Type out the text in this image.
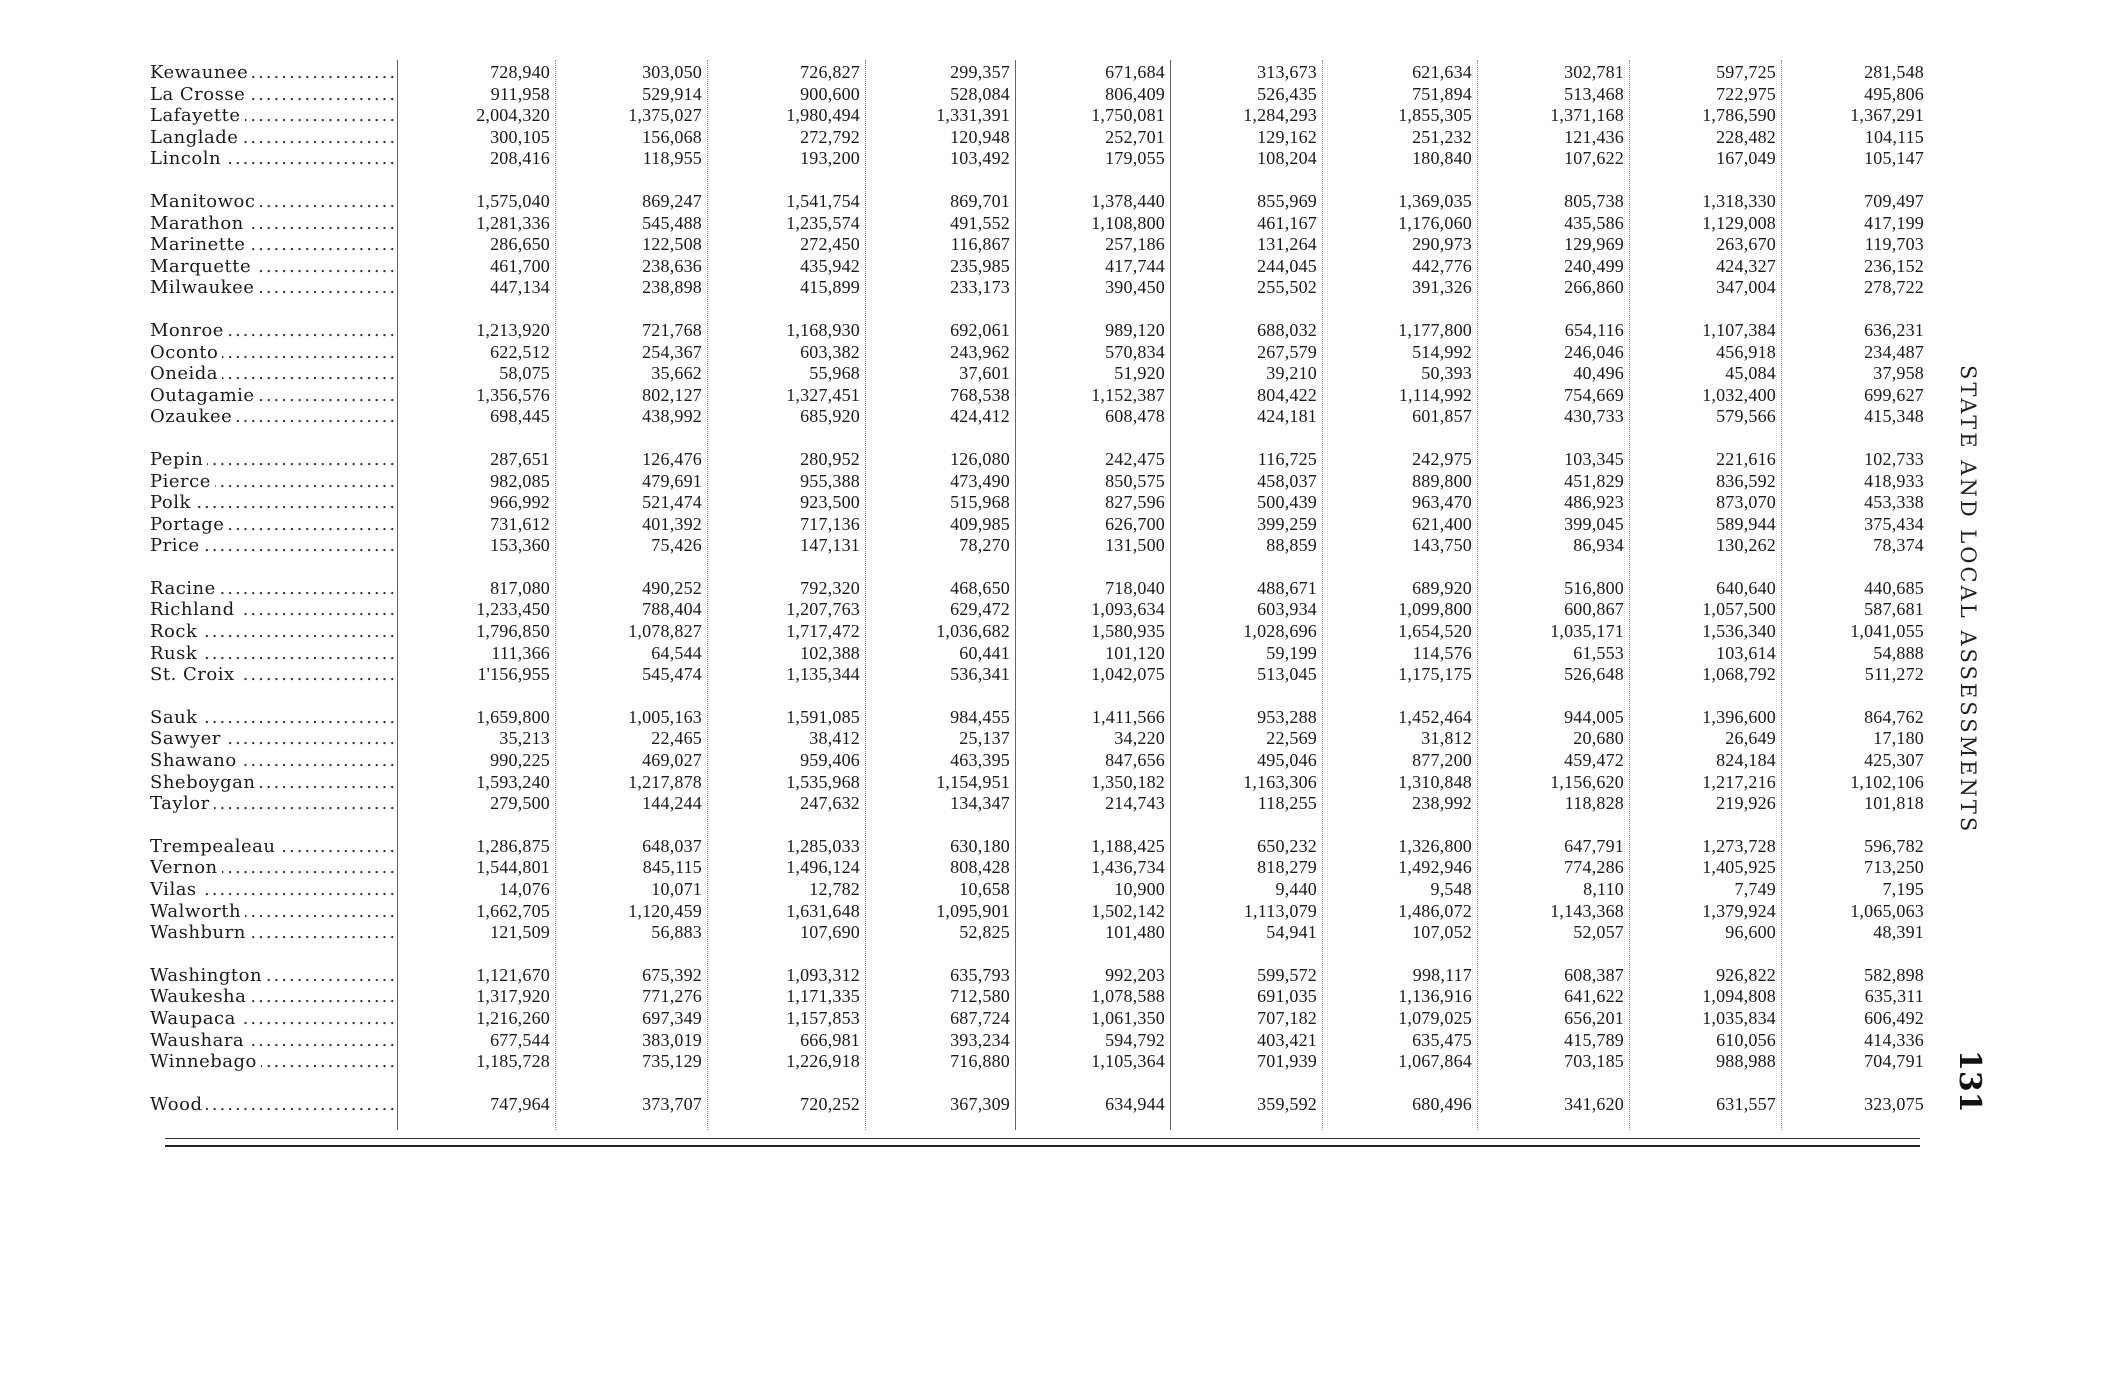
Kewaunee .....	728,940	303,050	726,827	299,357	671,684	313,673	621,634	302,781	597,725	281,548
La Crosse .....	911,958	529,914	900,600	528,084	806,409	526,435	751,894	513,468	722,975	495,806
Lafayette .....	2,004,320	1,375,027	1,980,494	1,331,391	1,750,081	1,284,293	1,855,305	1,371,168	1,786,590	1,367,291
Langlade .....	300,105	156,068	272,792	120,948	252,701	129,162	251,232	121,436	228,482	104,115
Lincoln .....	208,416	118,955	193,200	103,492	179,055	108,204	180,840	107,622	167,049	105,147
Manitowoc .....	1,575,040	869,247	1,541,754	869,701	1,378,440	855,969	1,369,035	805,738	1,318,330	709,497
Marathon .....	1,281,336	545,488	1,235,574	491,552	1,108,800	461,167	1,176,060	435,586	1,129,008	417,199
Marinette .....	286,650	122,508	272,450	116,867	257,186	131,264	290,973	129,969	263,670	119,703
Marquette .....	461,700	238,636	435,942	235,985	417,744	244,045	442,776	240,499	424,327	236,152
Milwaukee .....	447,134	238,898	415,899	233,173	390,450	255,502	391,326	266,860	347,004	278,722
Monroe .....	1,213,920	721,768	1,168,930	692,061	989,120	688,032	1,177,800	654,116	1,107,384	636,231
Oconto .....	622,512	254,367	603,382	243,962	570,834	267,579	514,992	246,046	456,918	234,487
Oneida .....	58,075	35,662	55,968	37,601	51,920	39,210	50,393	40,496	45,084	37,958
Outagamie .....	1,356,576	802,127	1,327,451	768,538	1,152,387	804,422	1,114,992	754,669	1,032,400	699,627
Ozaukee .....	698,445	438,992	685,920	424,412	608,478	424,181	601,857	430,733	579,566	415,348
Pepin .....	287,651	126,476	280,952	126,080	242,475	116,725	242,975	103,345	221,616	102,733
Pierce .....	982,085	479,691	955,388	473,490	850,575	458,037	889,800	451,829	836,592	418,933
Polk .....	966,992	521,474	923,500	515,968	827,596	500,439	963,470	486,923	873,070	453,338
Portage .....	731,612	401,392	717,136	409,985	626,700	399,259	621,400	399,045	589,944	375,434
Price .....	153,360	75,426	147,131	78,270	131,500	88,859	143,750	86,934	130,262	78,374
Racine .....	817,080	490,252	792,320	468,650	718,040	488,671	689,920	516,800	640,640	440,685
Richland .....	1,233,450	788,404	1,207,763	629,472	1,093,634	603,934	1,099,800	600,867	1,057,500	587,681
Rock .....	1,796,850	1,078,827	1,717,472	1,036,682	1,580,935	1,028,696	1,654,520	1,035,171	1,536,340	1,041,055
Rusk .....	111,366	64,544	102,388	60,441	101,120	59,199	114,576	61,553	103,614	54,888
St. Croix .....	1'156,955	545,474	1,135,344	536,341	1,042,075	513,045	1,175,175	526,648	1,068,792	511,272
Sauk .....	1,659,800	1,005,163	1,591,085	984,455	1,411,566	953,288	1,452,464	944,005	1,396,600	864,762
Sawyer .....	35,213	22,465	38,412	25,137	34,220	22,569	31,812	20,680	26,649	17,180
Shawano .....	990,225	469,027	959,406	463,395	847,656	495,046	877,200	459,472	824,184	425,307
Sheboygan .....	1,593,240	1,217,878	1,535,968	1,154,951	1,350,182	1,163,306	1,310,848	1,156,620	1,217,216	1,102,106
Taylor .....	279,500	144,244	247,632	134,347	214,743	118,255	238,992	118,828	219,926	101,818
Trempealeau .....	1,286,875	648,037	1,285,033	630,180	1,188,425	650,232	1,326,800	647,791	1,273,728	596,782
Vernon .....	1,544,801	845,115	1,496,124	808,428	1,436,734	818,279	1,492,946	774,286	1,405,925	713,250
Vilas .....	14,076	10,071	12,782	10,658	10,900	9,440	9,548	8,110	7,749	7,195
Walworth .....	1,662,705	1,120,459	1,631,648	1,095,901	1,502,142	1,113,079	1,486,072	1,143,368	1,379,924	1,065,063
Washburn .....	121,509	56,883	107,690	52,825	101,480	54,941	107,052	52,057	96,600	48,391
Washington .....	1,121,670	675,392	1,093,312	635,793	992,203	599,572	998,117	608,387	926,822	582,898
Waukesha .....	1,317,920	771,276	1,171,335	712,580	1,078,588	691,035	1,136,916	641,622	1,094,808	635,311
Waupaca .....	1,216,260	697,349	1,157,853	687,724	1,061,350	707,182	1,079,025	656,201	1,035,834	606,492
Waushara .....	677,544	383,019	666,981	393,234	594,792	403,421	635,475	415,789	610,056	414,336
Winnebago .....	1,185,728	735,129	1,226,918	716,880	1,105,364	701,939	1,067,864	703,185	988,988	704,791
Wood .....	747,964	373,707	720,252	367,309	634,944	359,592	680,496	341,620	631,557	323,075
STATE AND LOCAL ASSESSMENTS
131
